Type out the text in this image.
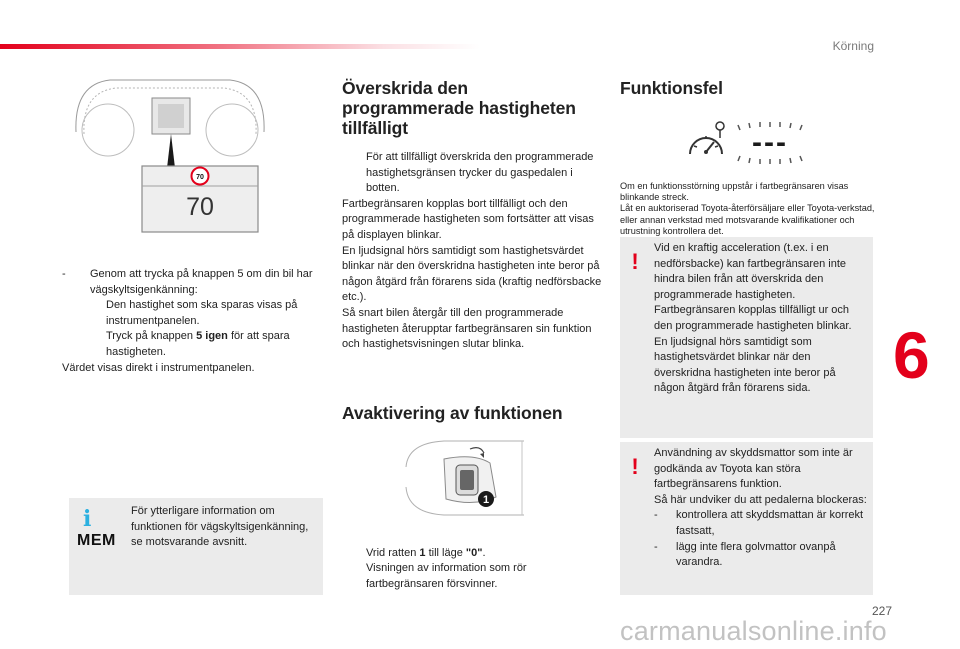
Körning
6
70
70
- Genom att trycka på knappen 5 om din bil har vägskyltsigenkänning:
Den hastighet som ska sparas visas på instrumentpanelen.
Tryck på knappen 5 igen för att spara hastigheten.
Värdet visas direkt i instrumentpanelen.
i
MEM
För ytterligare information om funktionen för vägskyltsigenkänning, se motsvarande avsnitt.
Överskrida den programmerade hastigheten tillfälligt
För att tillfälligt överskrida den programmerade hastighetsgränsen trycker du gaspedalen i botten.
Fartbegränsaren kopplas bort tillfälligt och den programmerade hastigheten som fortsätter att visas på displayen blinkar.
En ljudsignal hörs samtidigt som hastighetsvärdet blinkar när den överskridna hastigheten inte beror på någon åtgärd från förarens sida (kraftig nedförsbacke etc.).
Så snart bilen återgår till den programmerade hastigheten återupptar fartbegränsaren sin funktion och hastighetsvisningen slutar blinka.
Avaktivering av funktionen
1
Vrid ratten 1 till läge "0".
Visningen av information som rör fartbegränsaren försvinner.
Funktionsfel
---
Om en funktionsstörning uppstår i fartbegränsaren visas blinkande streck.
Låt en auktoriserad Toyota-återförsäljare eller Toyota-verkstad, eller annan verkstad med motsvarande kvalifikationer och utrustning kontrollera det.
!
Vid en kraftig acceleration (t.ex. i en nedförsbacke) kan fartbegränsaren inte hindra bilen från att överskrida den programmerade hastigheten.
Fartbegränsaren kopplas tillfälligt ur och den programmerade hastigheten blinkar.
En ljudsignal hörs samtidigt som hastighetsvärdet blinkar när den överskridna hastigheten inte beror på någon åtgärd från förarens sida.
!
Användning av skyddsmattor som inte är godkända av Toyota kan störa fartbegränsarens funktion.
Så här undviker du att pedalerna blockeras:
- kontrollera att skyddsmattan är korrekt fastsatt,
- lägg inte flera golvmattor ovanpå varandra.
227
carmanualsonline.info
